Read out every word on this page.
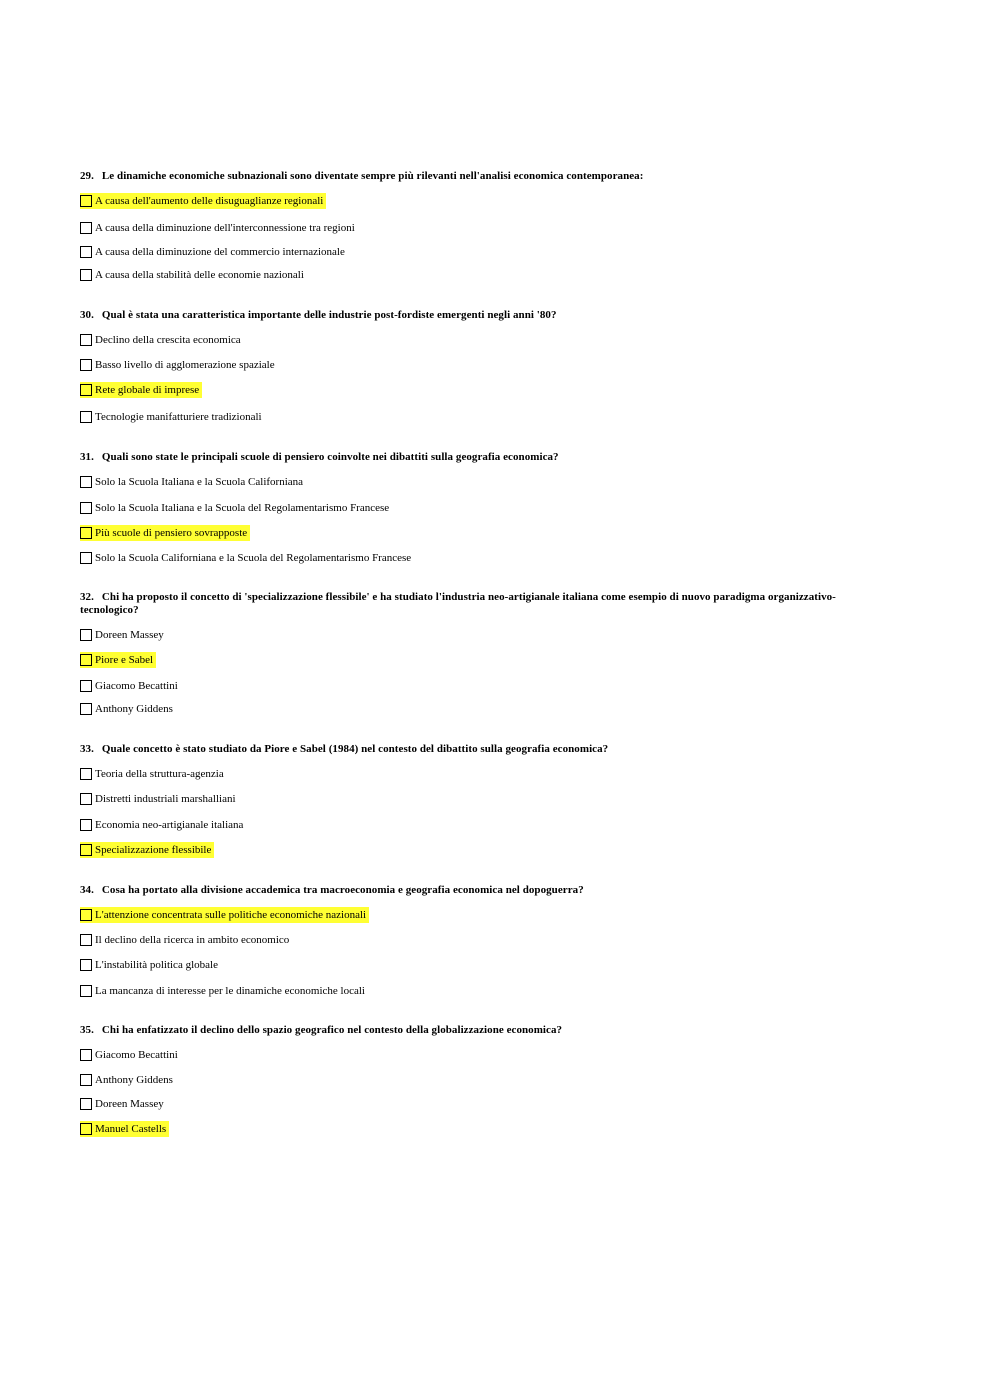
29. Le dinamiche economiche subnazionali sono diventate sempre più rilevanti nell'analisi economica contemporanea:

A causa dell'aumento delle disuguaglianze regionali
A causa della diminuzione dell'interconnessione tra regioni
A causa della diminuzione del commercio internazionale
A causa della stabilità delle economie nazionali

30. Qual è stata una caratteristica importante delle industrie post-fordiste emergenti negli anni '80?

Declino della crescita economica
Basso livello di agglomerazione spaziale
Rete globale di imprese
Tecnologie manifatturiere tradizionali

31. Quali sono state le principali scuole di pensiero coinvolte nei dibattiti sulla geografia economica?

Solo la Scuola Italiana e la Scuola Californiana
Solo la Scuola Italiana e la Scuola del Regolamentarismo Francese
Più scuole di pensiero sovrapposte
Solo la Scuola Californiana e la Scuola del Regolamentarismo Francese

32. Chi ha proposto il concetto di 'specializzazione flessibile' e ha studiato l'industria neo-artigianale italiana come esempio di nuovo paradigma organizzativo-tecnologico?

Doreen Massey
Piore e Sabel
Giacomo Becattini
Anthony Giddens

33. Quale concetto è stato studiato da Piore e Sabel (1984) nel contesto del dibattito sulla geografia economica?

Teoria della struttura-agenzia
Distretti industriali marshalliani
Economia neo-artigianale italiana
Specializzazione flessibile

34. Cosa ha portato alla divisione accademica tra macroeconomia e geografia economica nel dopoguerra?

L'attenzione concentrata sulle politiche economiche nazionali
Il declino della ricerca in ambito economico
L'instabilità politica globale
La mancanza di interesse per le dinamiche economiche locali

35. Chi ha enfatizzato il declino dello spazio geografico nel contesto della globalizzazione economica?

Giacomo Becattini
Anthony Giddens
Doreen Massey
Manuel Castells
